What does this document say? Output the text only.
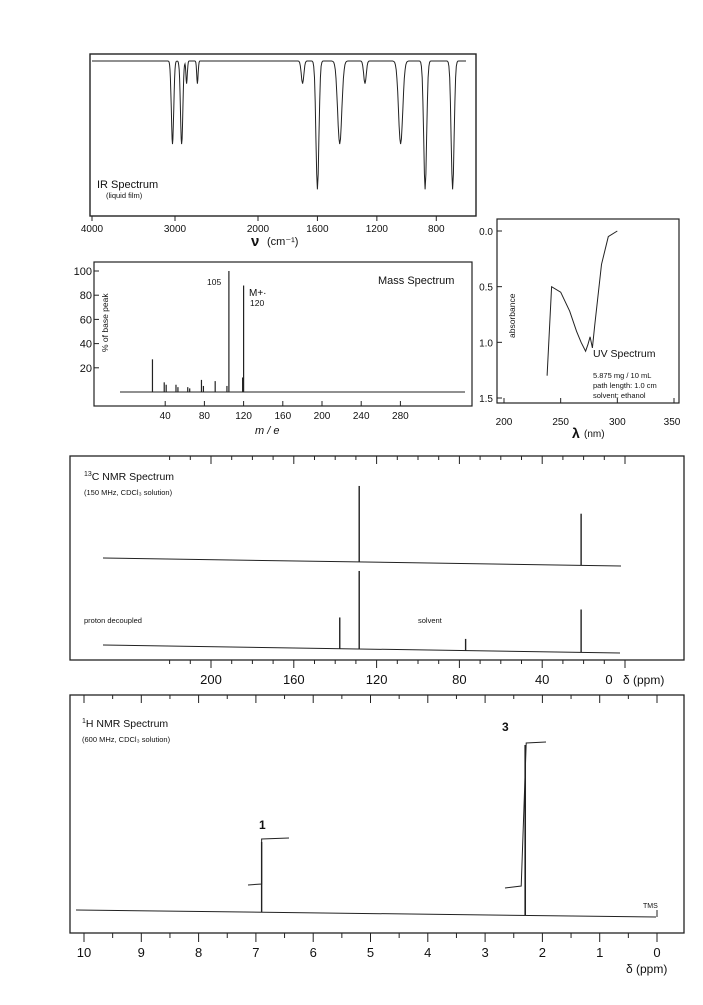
IR Spectrum
(liquid film)
4000	3000	2000	1600	1200	800
ν (cm⁻¹)
Mass Spectrum
% of base peak
100
80
60
40
20
40	80	120 160 200 240 280
105
M+·
120
m / e
absorbance
0.0
0.5
1.0
1.5
200	250	300	350
UV Spectrum
5.875 mg / 10 mL
path length: 1.0 cm
solvent: ethanol
λ (nm)
$^{13}$C NMR Spectrum
(150 MHz, CDCl₃ solution)
proton decoupled	solvent
200	160	120	80	40	0 δ (ppm)
$^1$H NMR Spectrum
(600 MHz, CDCl₃ solution)
1
3
TMS
10	9	8	7	6	5	4	3	2	1	0
δ (ppm)
